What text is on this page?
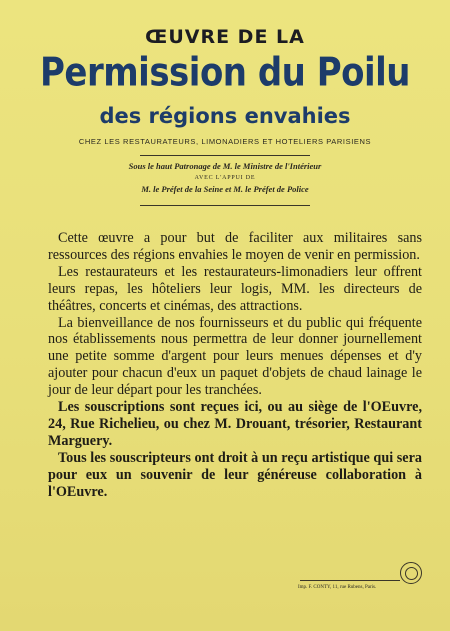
ŒUVRE DE LA
Permission du Poilu
des régions envahies
CHEZ LES RESTAURATEURS, LIMONADIERS ET HOTELIERS PARISIENS
Sous le haut Patronage de M. le Ministre de l'Intérieur
AVEC L'APPUI DE
M. le Préfet de la Seine et M. le Préfet de Police

Cette œuvre a pour but de faciliter aux militaires sans ressources des régions envahies le moyen de venir en permission.

Les restaurateurs et les restaurateurs-limonadiers leur offrent leurs repas, les hôteliers leur logis, MM. les directeurs de théâtres, concerts et cinémas, des attractions.

La bienveillance de nos fournisseurs et du public qui fréquente nos établissements nous permettra de leur donner journellement une petite somme d'argent pour leurs menues dépenses et d'y ajouter pour chacun d'eux un paquet d'objets de chaud lainage le jour de leur départ pour les tranchées.

Les souscriptions sont reçues ici, ou au siège de l'OEuvre, 24, Rue Richelieu, ou chez M. Drouant, trésorier, Restaurant Marguery.

Tous les souscripteurs ont droit à un reçu artistique qui sera pour eux un souvenir de leur généreuse collaboration à l'OEuvre.

Imp. F. CONTY, 11, rue Rubens, Paris.
